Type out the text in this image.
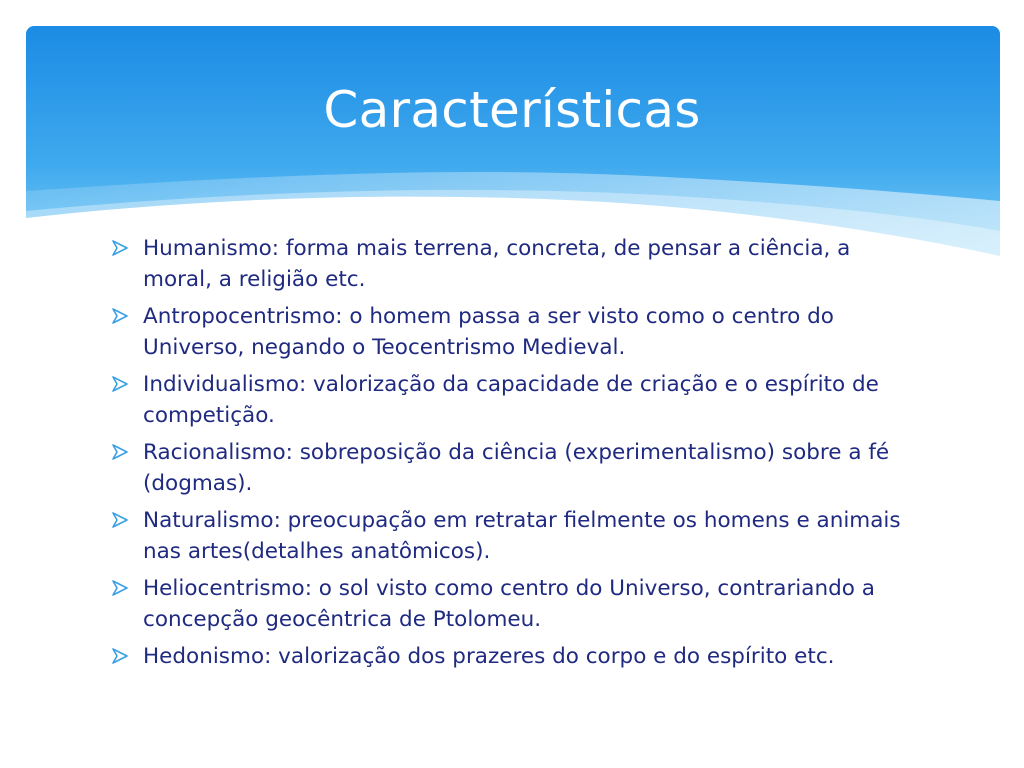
Características
Humanismo: forma mais terrena, concreta, de pensar a ciência, a moral, a religião etc.
Antropocentrismo: o homem passa a ser visto como o centro do Universo, negando o Teocentrismo Medieval.
Individualismo: valorização da capacidade de criação e o espírito de competição.
Racionalismo: sobreposição da ciência (experimentalismo) sobre a fé (dogmas).
Naturalismo: preocupação em retratar fielmente os homens e animais nas artes(detalhes anatômicos).
Heliocentrismo: o sol visto como centro do Universo, contrariando a concepção geocêntrica de Ptolomeu.
Hedonismo: valorização dos prazeres do corpo e do espírito etc.
